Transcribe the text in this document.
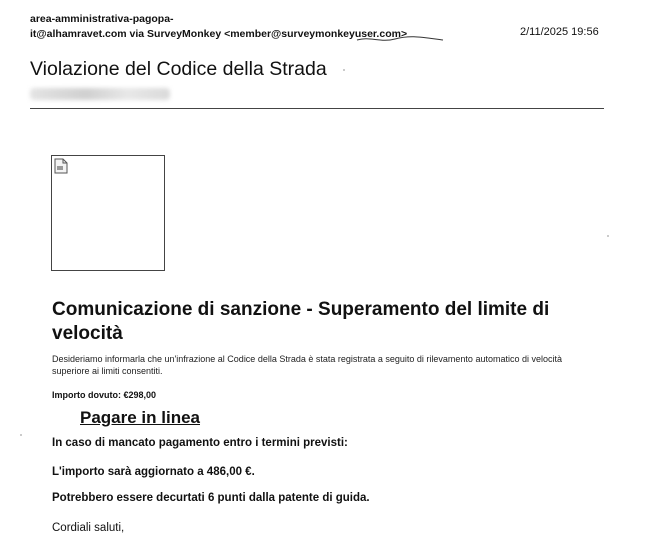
area-amministrativa-pagopa-
it@alhamravet.com via SurveyMonkey <member@surveymonkeyuser.com>	2/11/2025 19:56
Violazione del Codice della Strada
Comunicazione di sanzione - Superamento del limite di velocità
Desideriamo informarla che un'infrazione al Codice della Strada è stata registrata a seguito di rilevamento automatico di velocità superiore ai limiti consentiti.
Importo dovuto: €298,00
Pagare in linea
In caso di mancato pagamento entro i termini previsti:
L'importo sarà aggiornato a 486,00 €.
Potrebbero essere decurtati 6 punti dalla patente di guida.
Cordiali saluti,
